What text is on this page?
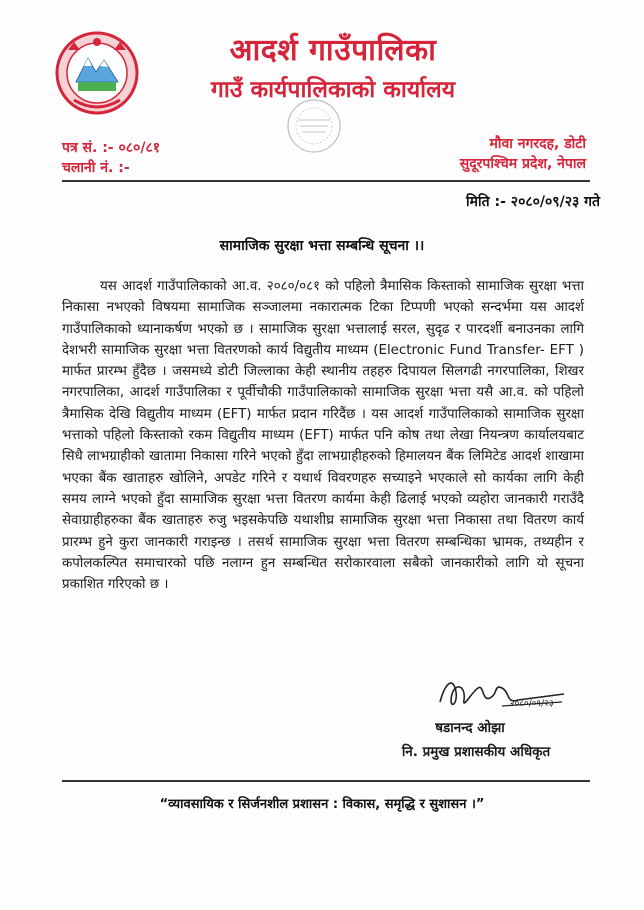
आदर्श गाउँपालिका
गाउँ कार्यपालिकाको कार्यालय
पत्र सं. :- ०८०/८१
चलानी नं. :-
मौवा नगरदह, डोटी
सुदूरपश्चिम प्रदेश, नेपाल
मिति :- २०८०/०९/२३ गते
सामाजिक सुरक्षा भत्ता सम्बन्धि सूचना ।।

यस आदर्श गाउँपालिकाको आ.व. २०८०/०८१ को पहिलो त्रैमासिक किस्ताको सामाजिक सुरक्षा भत्ता निकासा नभएको विषयमा सामाजिक सञ्जालमा नकारात्मक टिका टिप्पणी भएको सन्दर्भमा यस आदर्श गाउँपालिकाको ध्यानाकर्षण भएको छ । सामाजिक सुरक्षा भत्तालाई सरल, सुदृढ र पारदर्शी बनाउनका लागि देशभरी सामाजिक सुरक्षा भत्ता वितरणको कार्य विद्युतीय माध्यम (Electronic Fund Transfer- EFT ) मार्फत प्रारम्भ हुँदैछ । जसमध्ये डोटी जिल्लाका केही स्थानीय तहहरु दिपायल सिलगढी नगरपालिका, शिखर नगरपालिका, आदर्श गाउँपालिका र पूर्वीचौकी गाउँपालिकाको सामाजिक सुरक्षा भत्ता यसै आ.व. को पहिलो त्रैमासिक देखि विद्युतीय माध्यम (EFT) मार्फत प्रदान गरिदैंछ । यस आदर्श गाउँपालिकाको सामाजिक सुरक्षा भत्ताको पहिलो किस्ताको रकम विद्युतीय माध्यम (EFT) मार्फत पनि कोष तथा लेखा नियन्त्रण कार्यालयबाट सिधै लाभग्राहीको खातामा निकासा गरिने भएको हुँदा लाभग्राहीहरुको हिमालयन बैंक लिमिटेड आदर्श शाखामा भएका बैंक खाताहरु खोलिने, अपडेट गरिने र यथार्थ विवरणहरु सच्याइने भएकाले सो कार्यका लागि केही समय लाग्ने भएको हुँदा सामाजिक सुरक्षा भत्ता वितरण कार्यमा केही ढिलाई भएको व्यहोरा जानकारी गराउँदै सेवाग्राहीहरुका बैंक खाताहरु रुजु भइसकेपछि यथाशीघ्र सामाजिक सुरक्षा भत्ता निकासा तथा वितरण कार्य प्रारम्भ हुने कुरा जानकारी गराइन्छ । तसर्थ सामाजिक सुरक्षा भत्ता वितरण सम्बन्धिका भ्रामक, तथ्यहीन र कपोलकल्पित समाचारको पछि नलाग्न हुन सम्बन्धित सरोकारवाला सबैको जानकारीको लागि यो सूचना प्रकाशित गरिएको छ ।

२०८०/०९/२३
षडानन्द ओझा
नि. प्रमुख प्रशासकीय अधिकृत
“व्यावसायिक र सिर्जनशील प्रशासन : विकास, समृद्धि र सुशासन ।”
